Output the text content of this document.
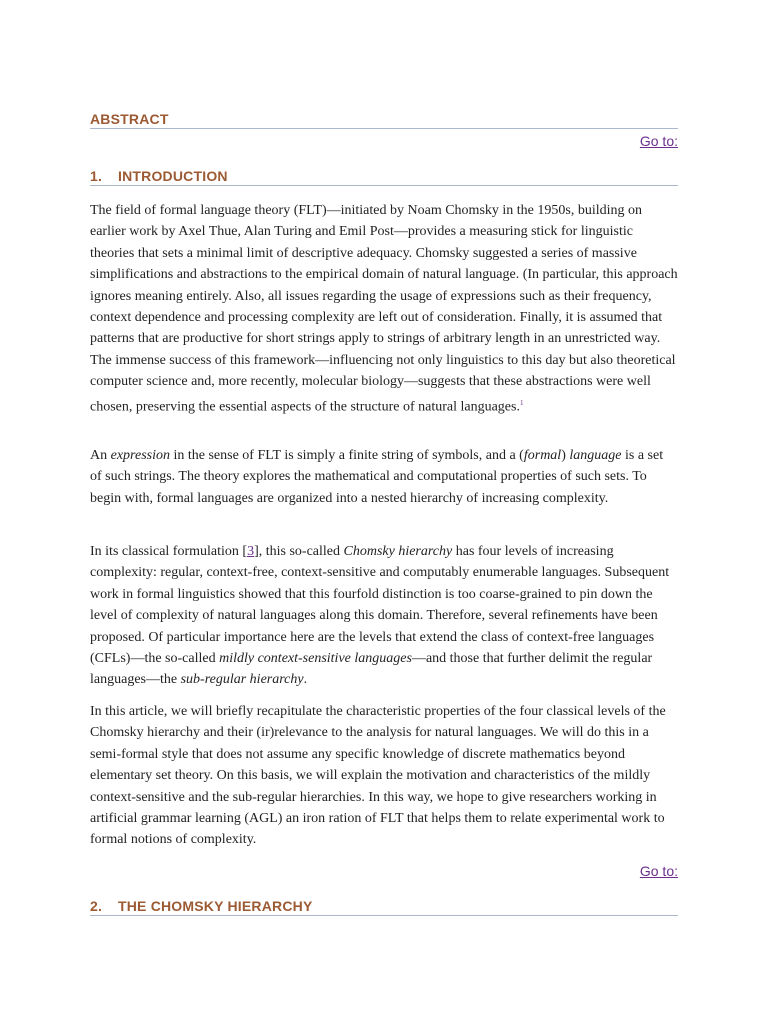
ABSTRACT
Go to:
1. INTRODUCTION

The field of formal language theory (FLT)—initiated by Noam Chomsky in the 1950s, building on earlier work by Axel Thue, Alan Turing and Emil Post—provides a measuring stick for linguistic theories that sets a minimal limit of descriptive adequacy. Chomsky suggested a series of massive simplifications and abstractions to the empirical domain of natural language. (In particular, this approach ignores meaning entirely. Also, all issues regarding the usage of expressions such as their frequency, context dependence and processing complexity are left out of consideration. Finally, it is assumed that patterns that are productive for short strings apply to strings of arbitrary length in an unrestricted way. The immense success of this framework—influencing not only linguistics to this day but also theoretical computer science and, more recently, molecular biology—suggests that these abstractions were well chosen, preserving the essential aspects of the structure of natural languages.$^1$

An expression in the sense of FLT is simply a finite string of symbols, and a (formal) language is a set of such strings. The theory explores the mathematical and computational properties of such sets. To begin with, formal languages are organized into a nested hierarchy of increasing complexity.

In its classical formulation [3], this so-called Chomsky hierarchy has four levels of increasing complexity: regular, context-free, context-sensitive and computably enumerable languages. Subsequent work in formal linguistics showed that this fourfold distinction is too coarse-grained to pin down the level of complexity of natural languages along this domain. Therefore, several refinements have been proposed. Of particular importance here are the levels that extend the class of context-free languages (CFLs)—the so-called mildly context-sensitive languages—and those that further delimit the regular languages—the sub-regular hierarchy.

In this article, we will briefly recapitulate the characteristic properties of the four classical levels of the Chomsky hierarchy and their (ir)relevance to the analysis for natural languages. We will do this in a semi-formal style that does not assume any specific knowledge of discrete mathematics beyond elementary set theory. On this basis, we will explain the motivation and characteristics of the mildly context-sensitive and the sub-regular hierarchies. In this way, we hope to give researchers working in artificial grammar learning (AGL) an iron ration of FLT that helps them to relate experimental work to formal notions of complexity.

Go to:
2. THE CHOMSKY HIERARCHY
